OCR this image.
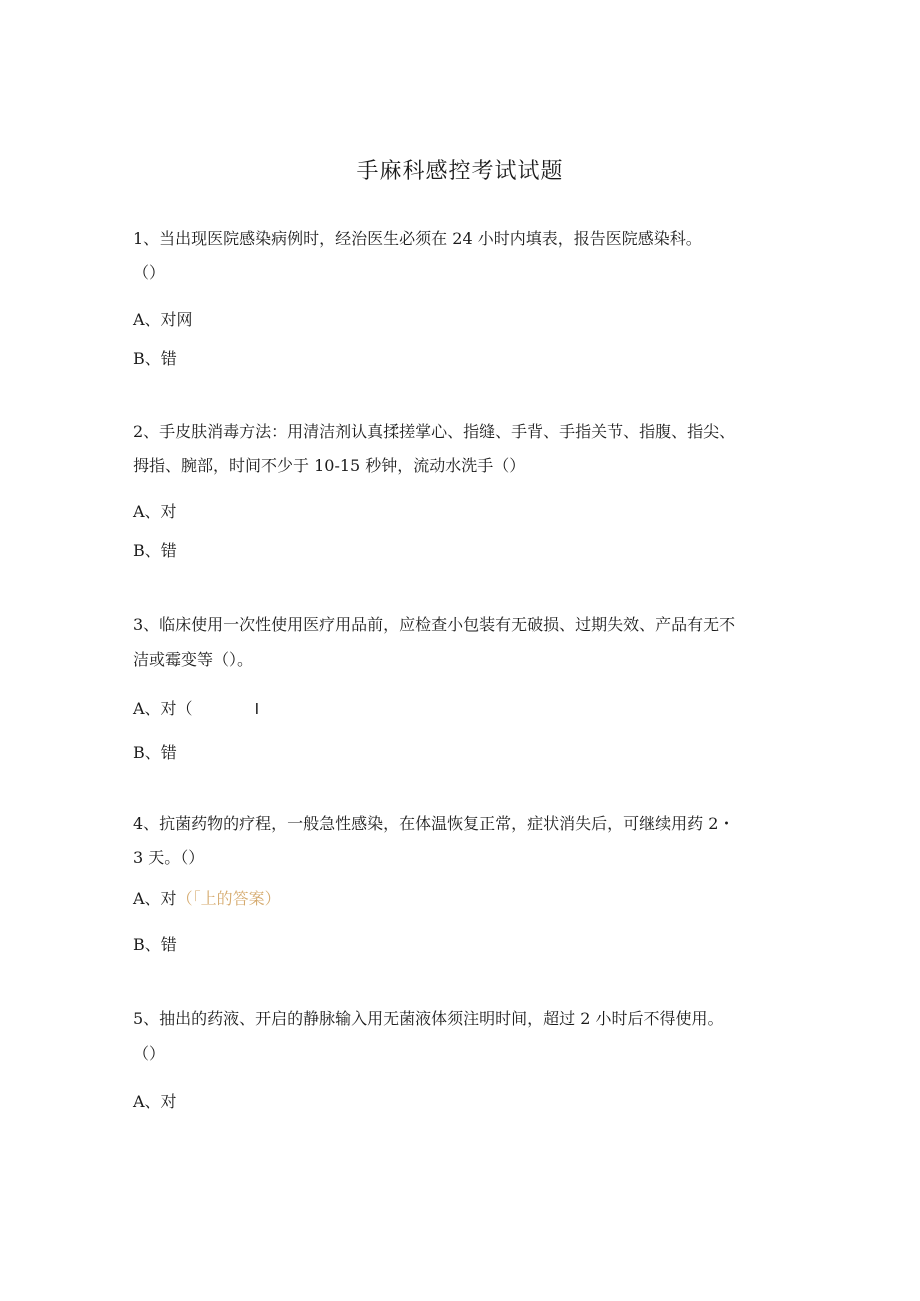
手麻科感控考试试题
1、当出现医院感染病例时，经治医生必须在 24 小时内填表，报告医院感染科。
（）
A、对网
B、错
2、手皮肤消毒方法：用清洁剂认真揉搓掌心、指缝、手背、手指关节、指腹、指尖、
拇指、腕部，时间不少于 10-15 秒钟，流动水洗手（）
A、对
B、错
3、临床使用一次性使用医疗用品前，应检查小包装有无破损、过期失效、产品有无不
洁或霉变等（）。
A、对（	I
B、错
4、抗菌药物的疗程，一般急性感染，在体温恢复正常，症状消失后，可继续用药 2・
3 天。（）
A、对（「上的答案）
B、错
5、抽出的药液、开启的静脉输入用无菌液体须注明时间，超过 2 小时后不得使用。
（）
A、对
